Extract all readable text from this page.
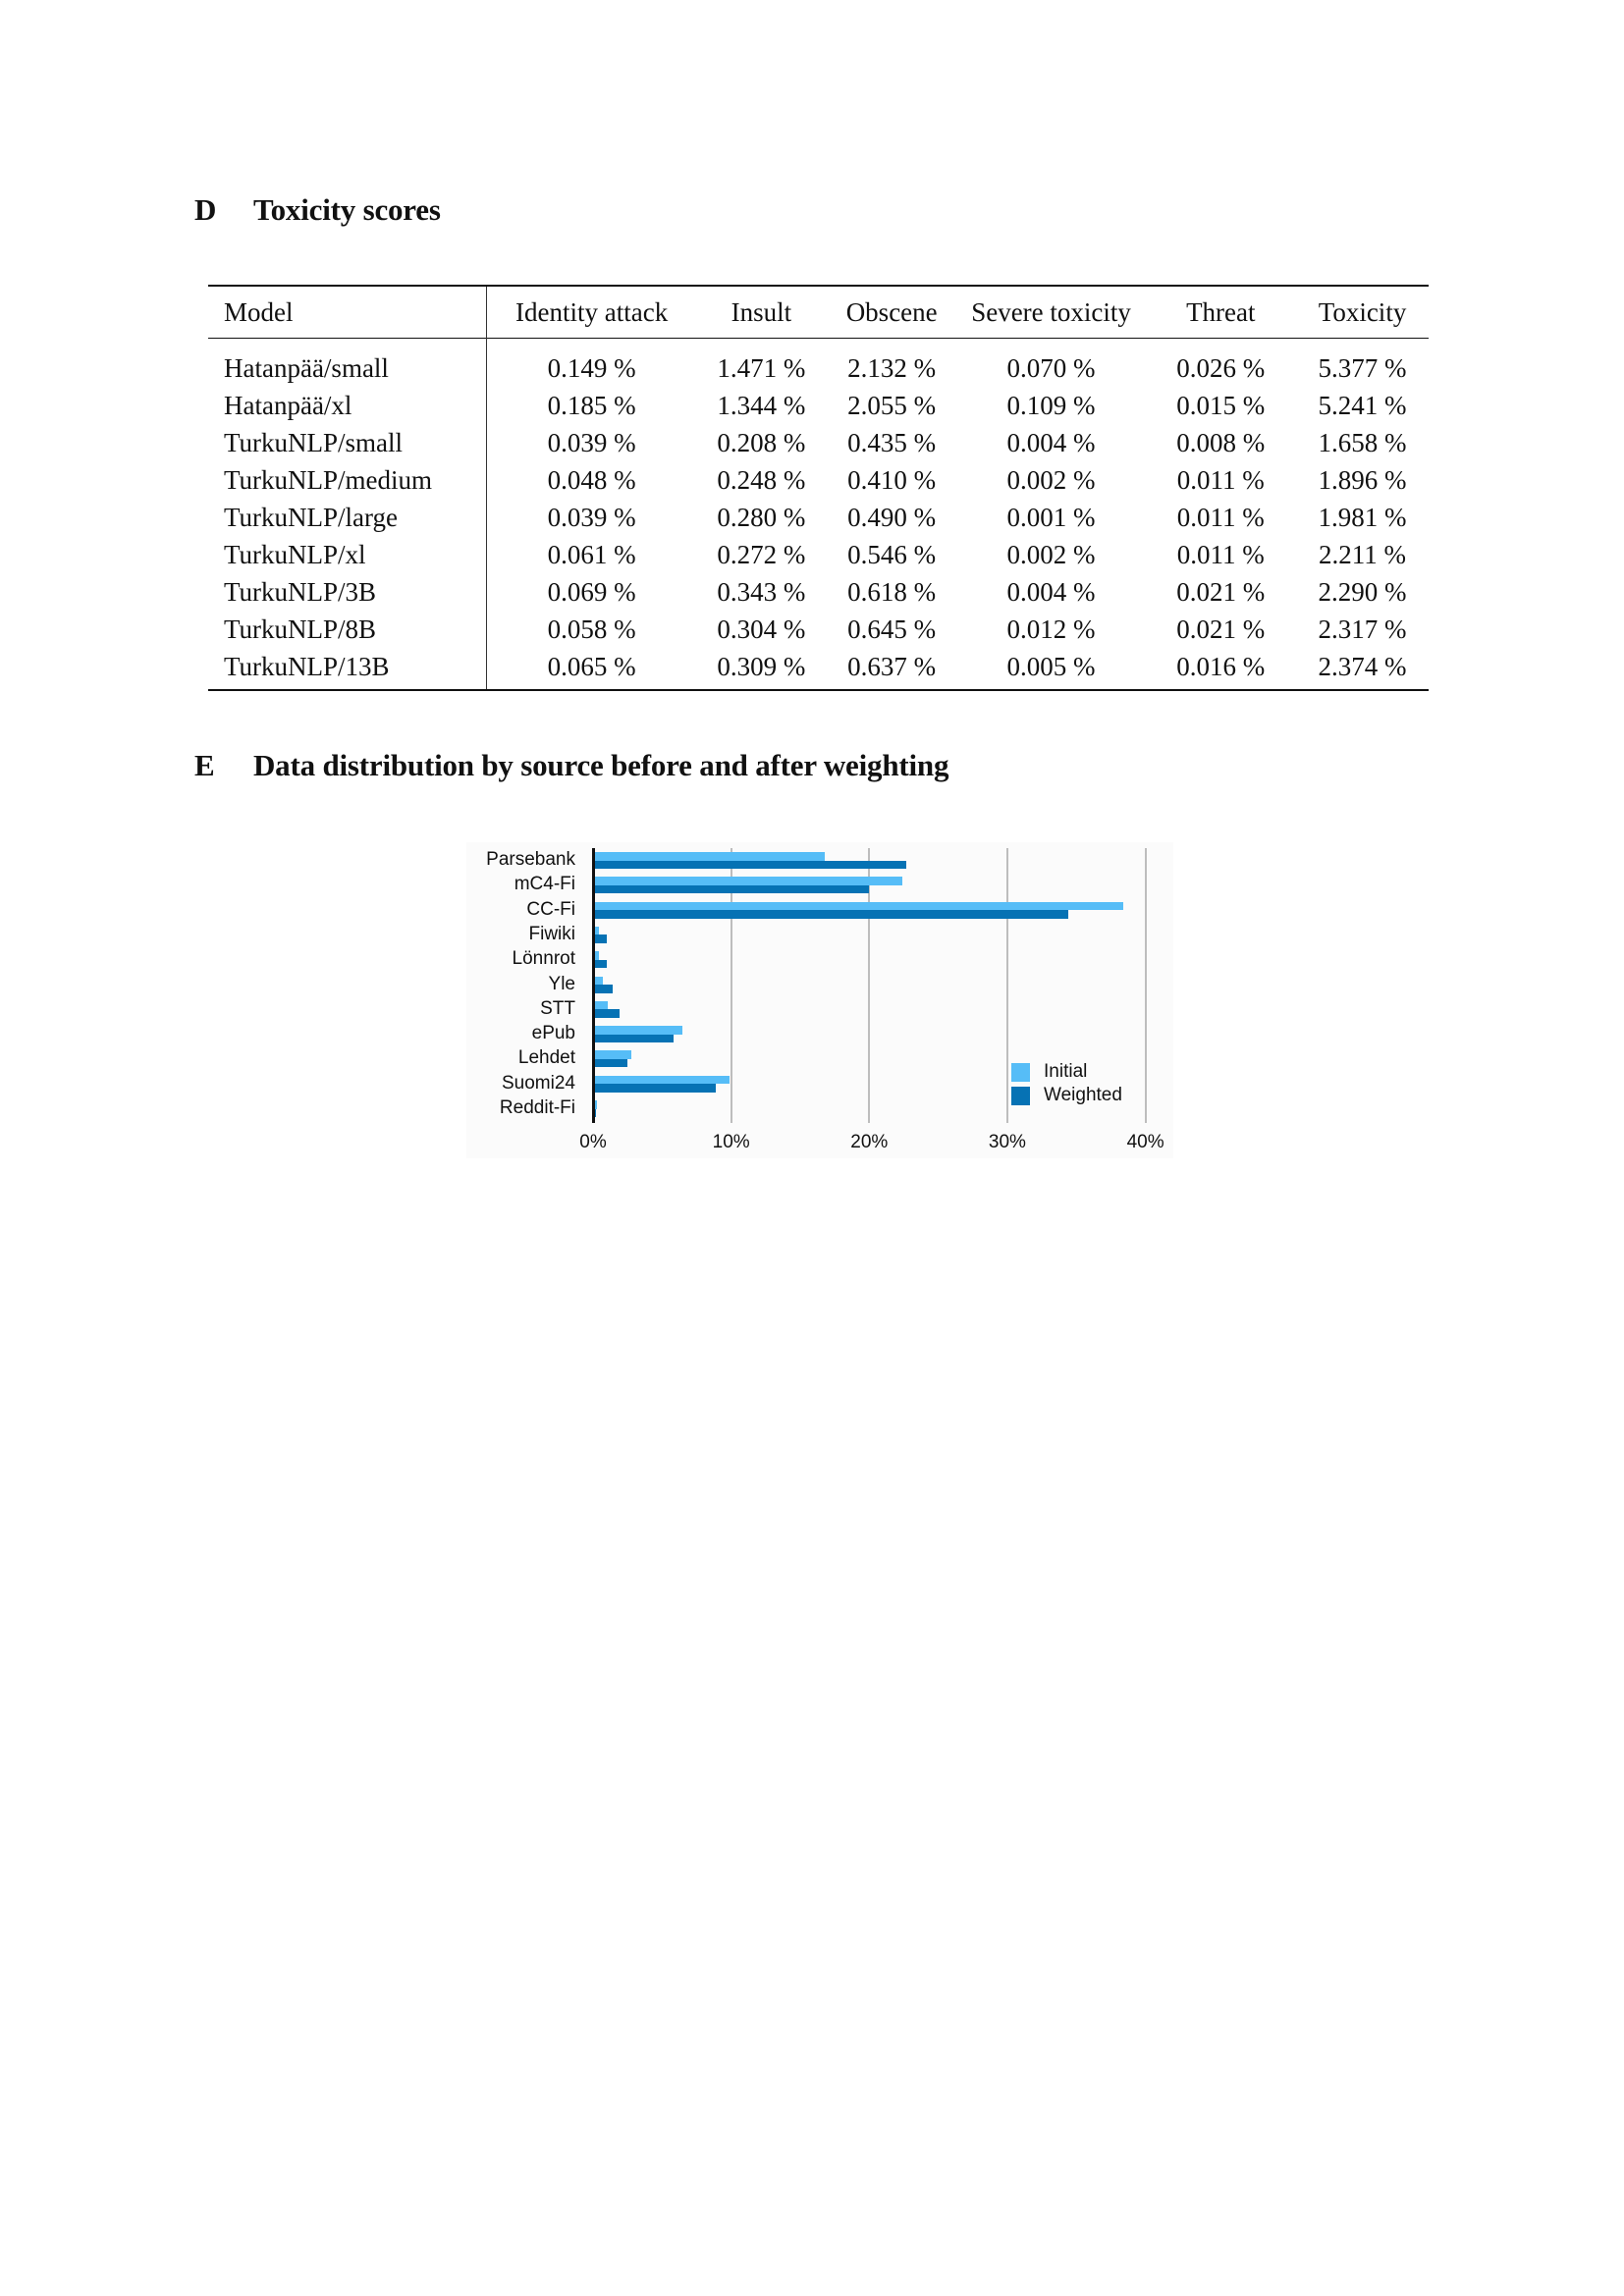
D Toxicity scores
Model	Identity attack	Insult	Obscene	Severe toxicity	Threat	Toxicity
Hatanpää/small	0.149 %	1.471 %	2.132 %	0.070 %	0.026 %	5.377 %
Hatanpää/xl	0.185 %	1.344 %	2.055 %	0.109 %	0.015 %	5.241 %
TurkuNLP/small	0.039 %	0.208 %	0.435 %	0.004 %	0.008 %	1.658 %
TurkuNLP/medium	0.048 %	0.248 %	0.410 %	0.002 %	0.011 %	1.896 %
TurkuNLP/large	0.039 %	0.280 %	0.490 %	0.001 %	0.011 %	1.981 %
TurkuNLP/xl	0.061 %	0.272 %	0.546 %	0.002 %	0.011 %	2.211 %
TurkuNLP/3B	0.069 %	0.343 %	0.618 %	0.004 %	0.021 %	2.290 %
TurkuNLP/8B	0.058 %	0.304 %	0.645 %	0.012 %	0.021 %	2.317 %
TurkuNLP/13B	0.065 %	0.309 %	0.637 %	0.005 %	0.016 %	2.374 %
E Data distribution by source before and after weighting
Parsebank
mC4-Fi
CC-Fi
Fiwiki
Lönnrot
Yle
STT
ePub
Lehdet
Suomi24
Reddit-Fi
0%	10%	20%	30%	40%
Initial
Weighted
